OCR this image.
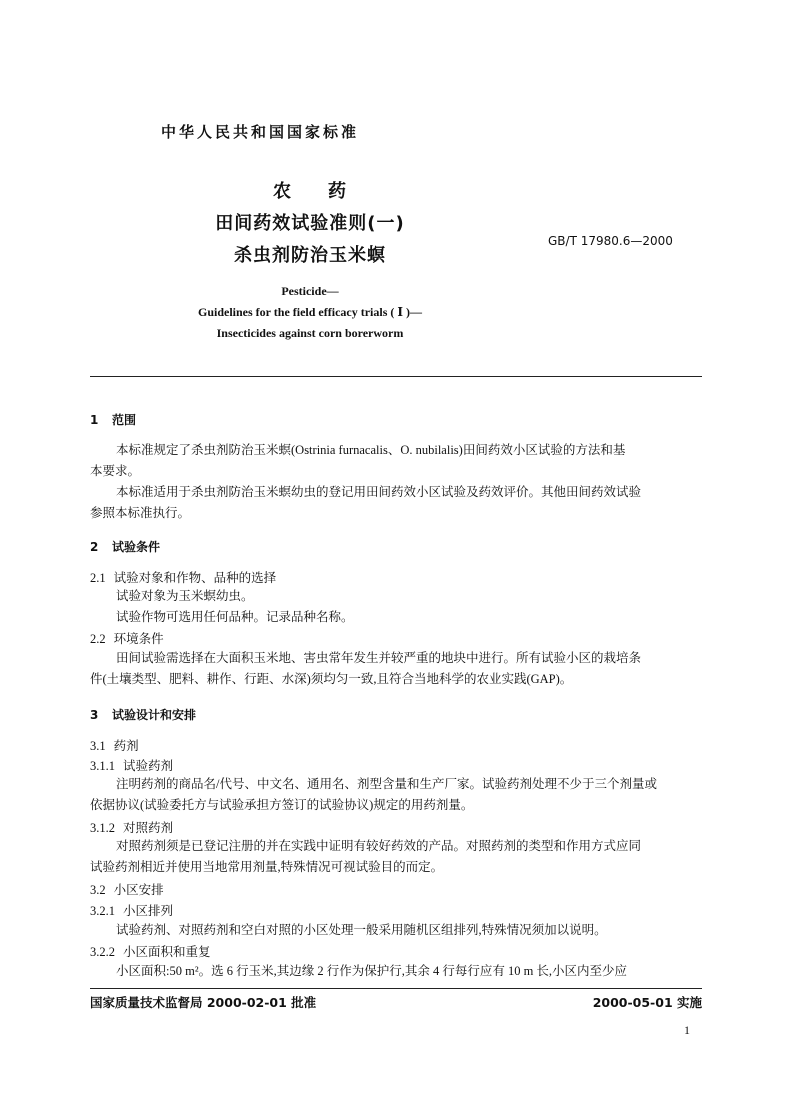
中华人民共和国国家标准
农 药
田间药效试验准则(一)
杀虫剂防治玉米螟
GB/T 17980.6—2000
Pesticide—
Guidelines for the field efficacy trials ( Ⅰ )—
Insecticides against corn borerworm
1 范围
本标准规定了杀虫剂防治玉米螟(Ostrinia furnacalis、O. nubilalis)田间药效小区试验的方法和基
本要求。
本标准适用于杀虫剂防治玉米螟幼虫的登记用田间药效小区试验及药效评价。其他田间药效试验
参照本标准执行。
2 试验条件
2.1 试验对象和作物、品种的选择
试验对象为玉米螟幼虫。
试验作物可选用任何品种。记录品种名称。
2.2 环境条件
田间试验需选择在大面积玉米地、害虫常年发生并较严重的地块中进行。所有试验小区的栽培条
件(土壤类型、肥料、耕作、行距、水深)须均匀一致,且符合当地科学的农业实践(GAP)。
3 试验设计和安排
3.1 药剂
3.1.1 试验药剂
注明药剂的商品名/代号、中文名、通用名、剂型含量和生产厂家。试验药剂处理不少于三个剂量或
依据协议(试验委托方与试验承担方签订的试验协议)规定的用药剂量。
3.1.2 对照药剂
对照药剂须是已登记注册的并在实践中证明有较好药效的产品。对照药剂的类型和作用方式应同
试验药剂相近并使用当地常用剂量,特殊情况可视试验目的而定。
3.2 小区安排
3.2.1 小区排列
试验药剂、对照药剂和空白对照的小区处理一般采用随机区组排列,特殊情况须加以说明。
3.2.2 小区面积和重复
小区面积:50 m²。选 6 行玉米,其边缘 2 行作为保护行,其余 4 行每行应有 10 m 长,小区内至少应
国家质量技术监督局 2000-02-01 批准	2000-05-01 实施
1
